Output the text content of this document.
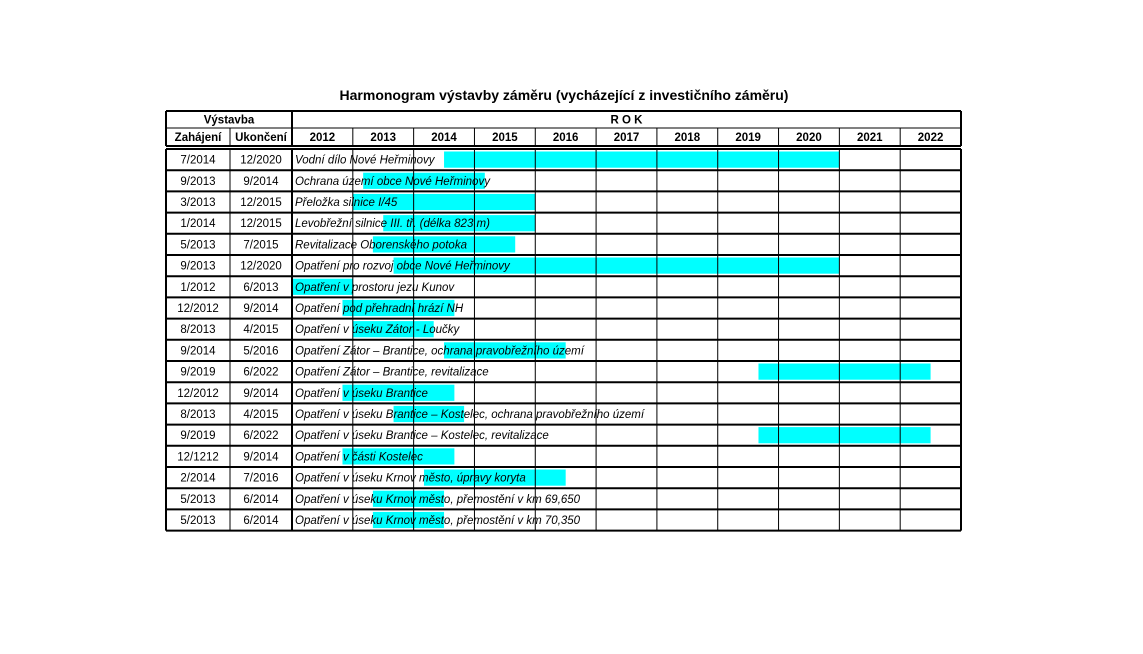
Harmonogram výstavby záměru (vycházející z investičního záměru)
Výstavba	R O K
Zahájení Ukončení 2012	2013	2014	2015	2016	2017	2018	2019	2020	2021	2022
7/2014 12/2020 Vodní dílo Nové Heřminovy
9/2013 9/2014 Ochrana území obce Nové Heřminovy
3/2013 12/2015 Přeložka silnice I/45
1/2014 12/2015 Levobřežní silnice III. tř. (délka 823 m)
5/2013 7/2015 Revitalizace Oborenského potoka
9/2013 12/2020 Opatření pro rozvoj obce Nové Heřminovy
1/2012 6/2013 Opatření v prostoru jezu Kunov
12/2012 9/2014 Opatření pod přehradní hrází NH
8/2013 4/2015 Opatření v úseku Zátor - Loučky
9/2014 5/2016 Opatření Zátor – Brantice, ochrana pravobřežního území
9/2019 6/2022 Opatření Zátor – Brantice, revitalizace
12/2012 9/2014 Opatření v úseku Brantice
8/2013 4/2015 Opatření v úseku Brantice – Kostelec, ochrana pravobřežního území
9/2019 6/2022 Opatření v úseku Brantice – Kostelec, revitalizace
12/1212 9/2014 Opatření v části Kostelec
2/2014 7/2016 Opatření v úseku Krnov město, úpravy koryta
5/2013 6/2014 Opatření v úseku Krnov město, přemostění v km 69,650
5/2013 6/2014 Opatření v úseku Krnov město, přemostění v km 70,350
